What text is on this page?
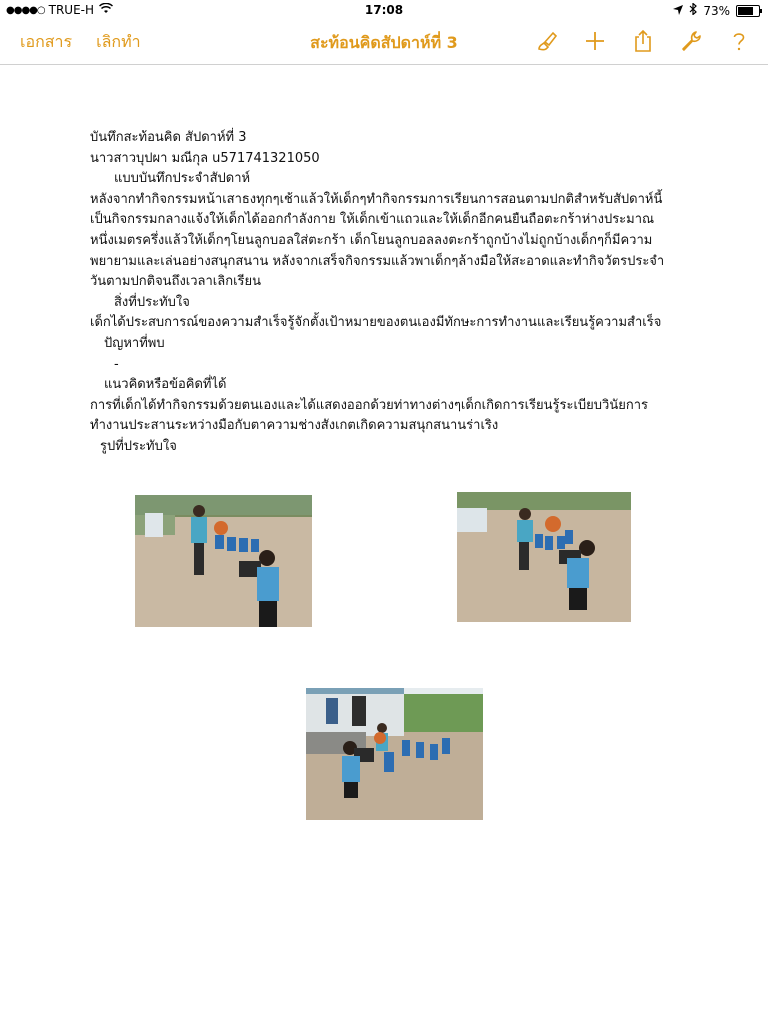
●●●●○ TRUE-H	17:08	73%
เอกสาร เลิกทำ	สะท้อนคิดสัปดาห์ที่ 3

บันทึกสะท้อนคิด สัปดาห์ที่ 3

นาวสาวบุปผา มณีกุล u571741321050

แบบบันทึกประจำสัปดาห์

หลังจากทำกิจกรรมหน้าเสาธงทุกๆเช้าแล้วให้เด็กๆทำกิจกรรมการเรียนการสอนตามปกติสำหรับสัปดาห์นี้

เป็นกิจกรรมกลางแจ้งให้เด็กได้ออกกำลังกาย ให้เด็กเข้าแถวและให้เด็กอีกคนยืนถือตะกร้าห่างประมาณ

หนึ่งเมตรครึ่งแล้วให้เด็กๆโยนลูกบอลใส่ตะกร้า เด็กโยนลูกบอลลงตะกร้าถูกบ้างไม่ถูกบ้างเด็กๆก็มีความ

พยายามและเล่นอย่างสนุกสนาน หลังจากเสร็จกิจกรรมแล้วพาเด็กๆล้างมือให้สะอาดและทำกิจวัตรประจำ

วันตามปกติจนถึงเวลาเลิกเรียน

สิ่งที่ประทับใจ

เด็กได้ประสบการณ์ของความสำเร็จรู้จักตั้งเป้าหมายของตนเองมีทักษะการทำงานและเรียนรู้ความสำเร็จ

ปัญหาที่พบ

-

แนวคิดหรือข้อคิดที่ได้

การที่เด็กได้ทำกิจกรรมด้วยตนเองและได้แสดงออกด้วยท่าทางต่างๆเด็กเกิดการเรียนรู้ระเบียบวินัยการ

ทำงานประสานระหว่างมือกับตาความช่างสังเกตเกิดความสนุกสนานร่าเริง

รูปที่ประทับใจ
